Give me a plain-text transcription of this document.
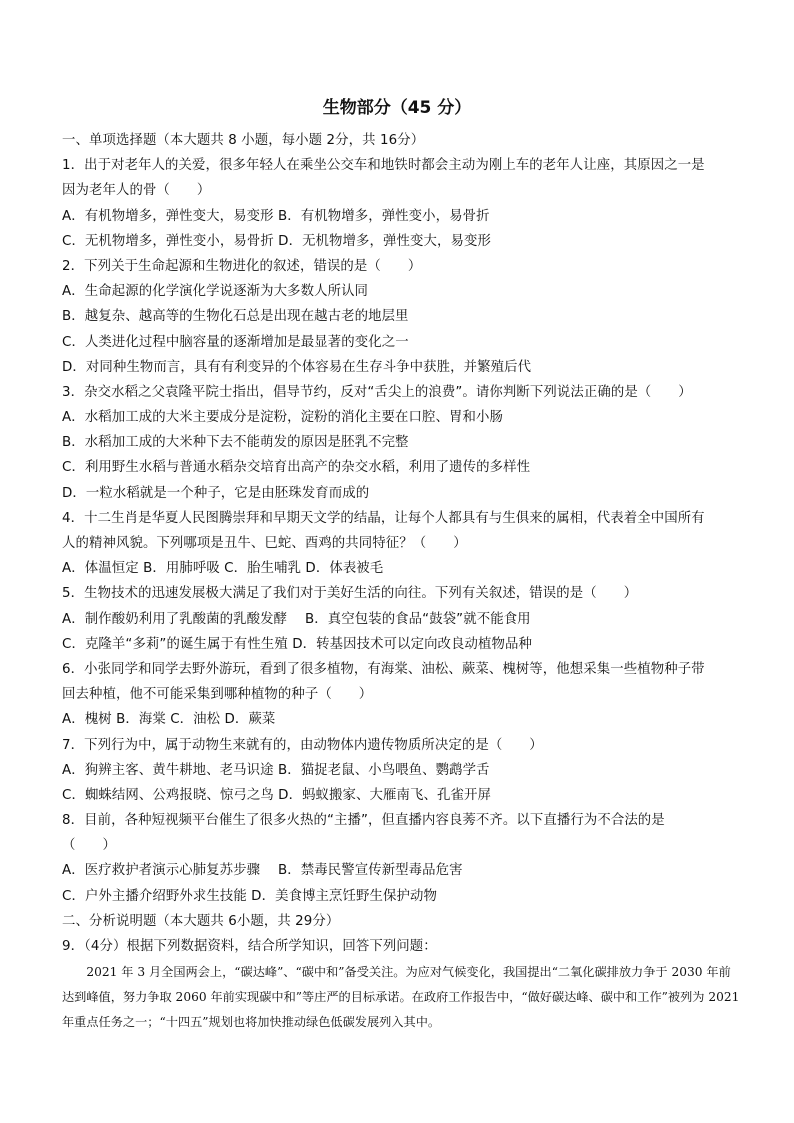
生物部分（45 分）
一、单项选择题（本大题共 8 小题，每小题 2分，共 16分）
1．出于对老年人的关爱，很多年轻人在乘坐公交车和地铁时都会主动为刚上车的老年人让座，其原因之一是
因为老年人的骨（　　）
A．有机物增多，弹性变大，易变形 B．有机物增多，弹性变小，易骨折
C．无机物增多，弹性变小，易骨折 D．无机物增多，弹性变大，易变形
2．下列关于生命起源和生物进化的叙述，错误的是（　　）
A．生命起源的化学演化学说逐渐为大多数人所认同
B．越复杂、越高等的生物化石总是出现在越古老的地层里
C．人类进化过程中脑容量的逐渐增加是最显著的变化之一
D．对同种生物而言，具有有利变异的个体容易在生存斗争中获胜，并繁殖后代
3．杂交水稻之父袁隆平院士指出，倡导节约，反对“舌尖上的浪费”。请你判断下列说法正确的是（　　）
A．水稻加工成的大米主要成分是淀粉，淀粉的消化主要在口腔、胃和小肠
B．水稻加工成的大米种下去不能萌发的原因是胚乳不完整
C．利用野生水稻与普通水稻杂交培育出高产的杂交水稻，利用了遗传的多样性
D．一粒水稻就是一个种子，它是由胚珠发育而成的
4．十二生肖是华夏人民图腾崇拜和早期天文学的结晶，让每个人都具有与生俱来的属相，代表着全中国所有
人的精神风貌。下列哪项是丑牛、巳蛇、酉鸡的共同特征？（　　）
A．体温恒定 B．用肺呼吸 C．胎生哺乳 D．体表被毛
5．生物技术的迅速发展极大满足了我们对于美好生活的向往。下列有关叙述，错误的是（　　）
A．制作酸奶利用了乳酸菌的乳酸发酵　 B．真空包装的食品“鼓袋”就不能食用
C．克隆羊“多莉”的诞生属于有性生殖 D．转基因技术可以定向改良动植物品种
6．小张同学和同学去野外游玩，看到了很多植物，有海棠、油松、蕨菜、槐树等，他想采集一些植物种子带
回去种植，他不可能采集到哪种植物的种子（　　）
A．槐树 B．海棠 C．油松 D．蕨菜
7．下列行为中，属于动物生来就有的，由动物体内遗传物质所决定的是（　　）
A．狗辨主客、黄牛耕地、老马识途 B．猫捉老鼠、小鸟喂鱼、鹦鹉学舌
C．蜘蛛结网、公鸡报晓、惊弓之鸟 D．蚂蚁搬家、大雁南飞、孔雀开屏
8．目前，各种短视频平台催生了很多火热的“主播”，但直播内容良莠不齐。以下直播行为不合法的是
（　　）
A．医疗救护者演示心肺复苏步骤　 B．禁毒民警宣传新型毒品危害
C．户外主播介绍野外求生技能 D．美食博主烹饪野生保护动物
二、分析说明题（本大题共 6小题，共 29分）
9．（4分）根据下列数据资料，结合所学知识，回答下列问题：
2021 年 3 月全国两会上，“碳达峰”、“碳中和”备受关注。为应对气候变化，我国提出“二氧化碳排放力争于 2030 年前达到峰值，努力争取 2060 年前实现碳中和”等庄严的目标承诺。在政府工作报告中，“做好碳达峰、碳中和工作”被列为 2021 年重点任务之一；“十四五”规划也将加快推动绿色低碳发展列入其中。
